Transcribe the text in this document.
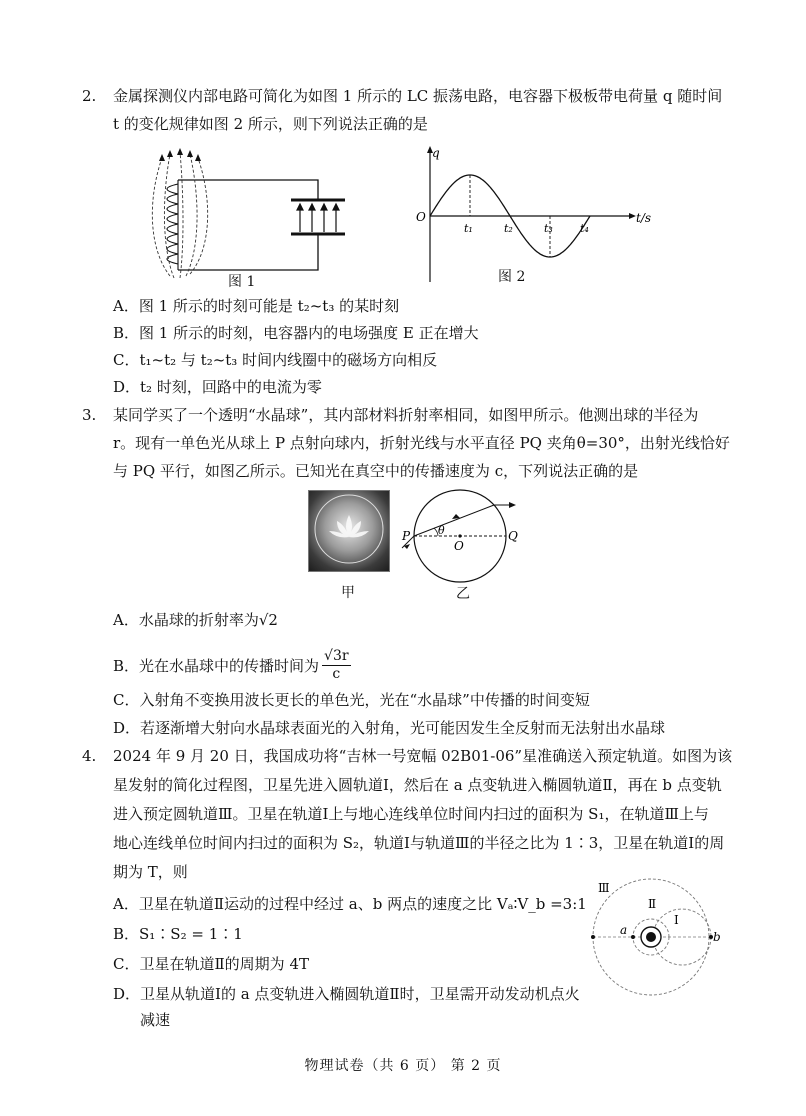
2. 金属探测仪内部电路可简化为如图 1 所示的 LC 振荡电路，电容器下极板带电荷量 q 随时间
t 的变化规律如图 2 所示，则下列说法正确的是
图 1
q
O	t/s
t₁	t₂	t₃ t₄
图 2
A．图 1 所示的时刻可能是 t₂~t₃ 的某时刻
B．图 1 所示的时刻，电容器内的电场强度 E 正在增大
C．t₁~t₂ 与 t₂~t₃ 时间内线圈中的磁场方向相反
D．t₂ 时刻，回路中的电流为零
3. 某同学买了一个透明“水晶球”，其内部材料折射率相同，如图甲所示。他测出球的半径为
r。现有一单色光从球上 P 点射向球内，折射光线与水平直径 PQ 夹角θ=30°，出射光线恰好
与 PQ 平行，如图乙所示。已知光在真空中的传播速度为 c，下列说法正确的是
甲
P	Q
O
θ
乙
A．水晶球的折射率为√2
B．光在水晶球中的传播时间为 $\frac{√3r}{c}$
C．入射角不变换用波长更长的单色光，光在“水晶球”中传播的时间变短
D．若逐渐增大射向水晶球表面光的入射角，光可能因发生全反射而无法射出水晶球
4. 2024 年 9 月 20 日，我国成功将“吉林一号宽幅 02B01-06”星准确送入预定轨道。如图为该
星发射的简化过程图，卫星先进入圆轨道Ⅰ，然后在 a 点变轨进入椭圆轨道Ⅱ，再在 b 点变轨
进入预定圆轨道Ⅲ。卫星在轨道Ⅰ上与地心连线单位时间内扫过的面积为 S₁，在轨道Ⅲ上与
地心连线单位时间内扫过的面积为 S₂，轨道Ⅰ与轨道Ⅲ的半径之比为 1∶3，卫星在轨道Ⅰ的周
期为 T，则
A．卫星在轨道Ⅱ运动的过程中经过 a、b 两点的速度之比 Vₐ∶V_b =3:1
B．S₁∶S₂ = 1∶1
C．卫星在轨道Ⅱ的周期为 4T
D．卫星从轨道Ⅰ的 a 点变轨进入椭圆轨道Ⅱ时，卫星需开动发动机点火
减速
Ⅲ
Ⅱ
Ⅰ
a	b
物理试卷（共 6 页） 第 2 页
